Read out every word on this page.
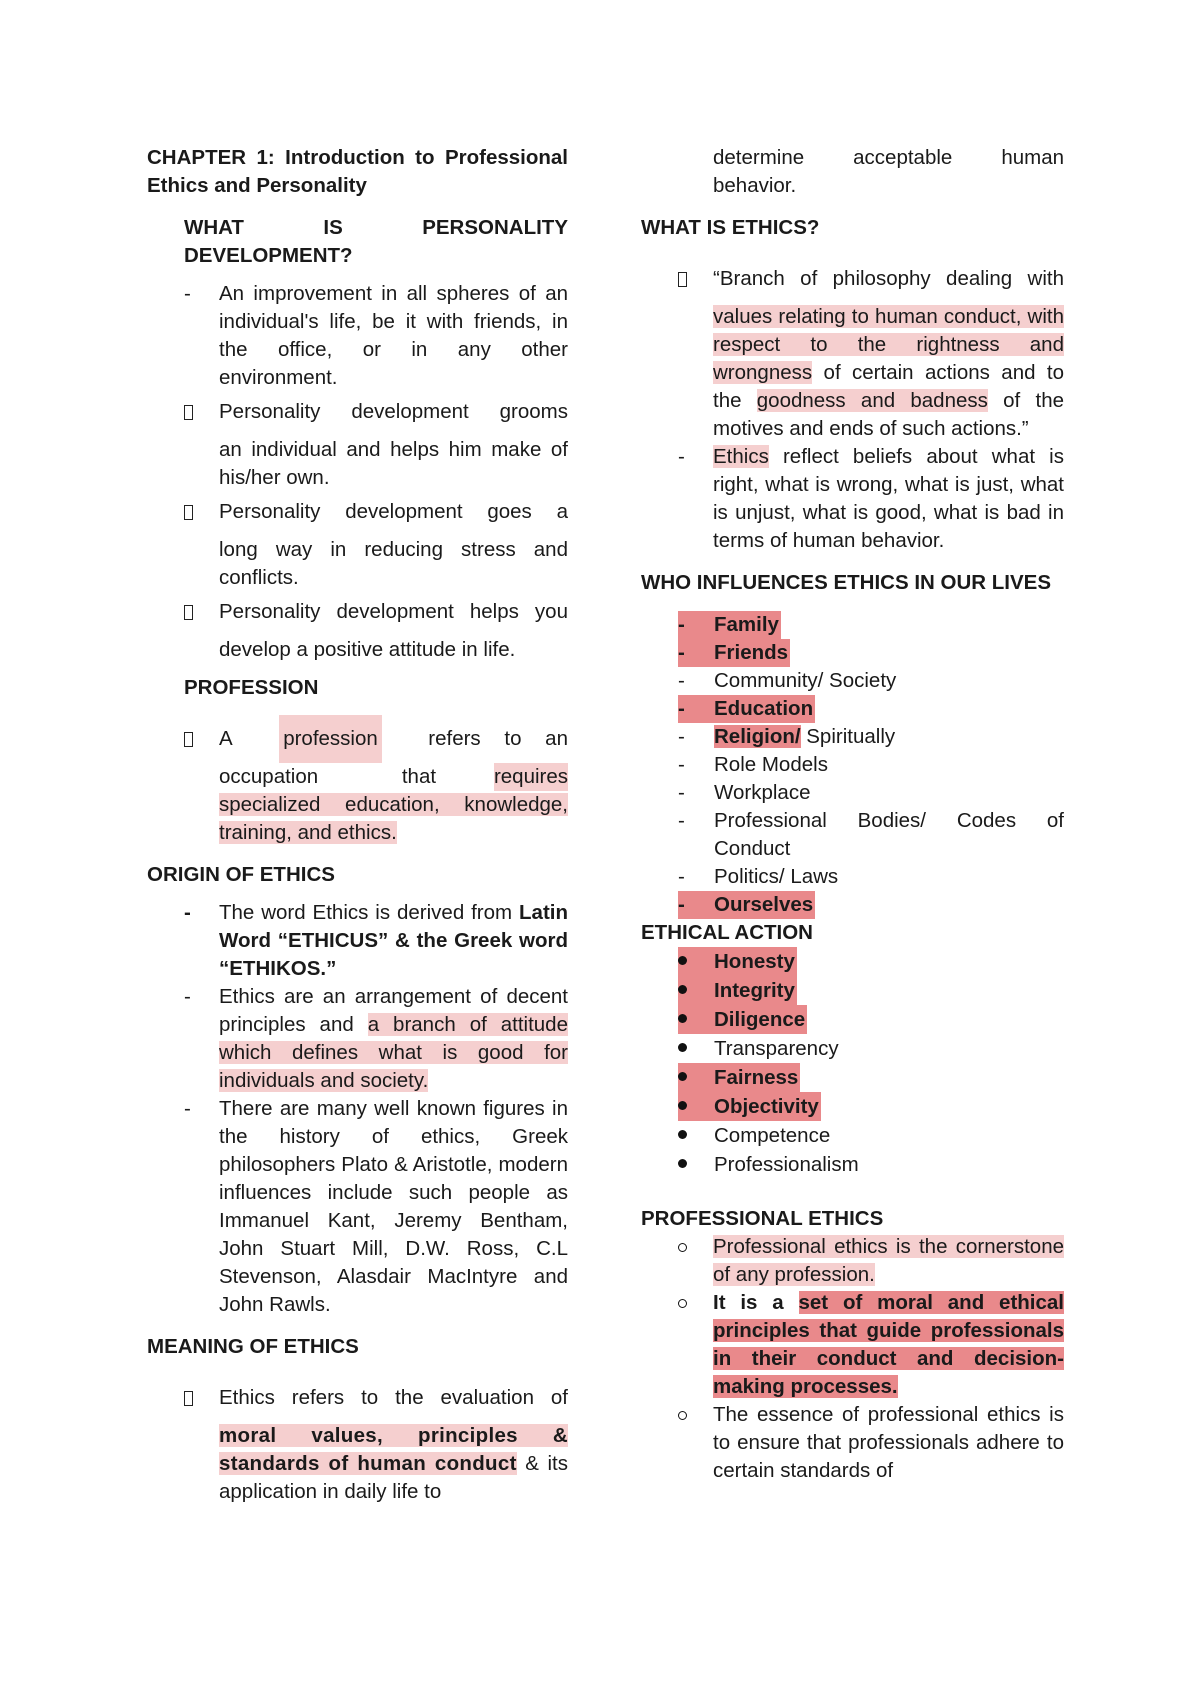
CHAPTER 1: Introduction to Professional Ethics and Personality
WHAT IS PERSONALITY DEVELOPMENT?
- An improvement in all spheres of an individual's life, be it with friends, in the office, or in any other environment.
Personality development grooms
an individual and helps him make of his/her own.
Personality development goes a
long way in reducing stress and conflicts.
Personality development helps you
develop a positive attitude in life.
PROFESSION
A profession refers to an
occupation that	requires
specialized education, knowledge, training, and ethics.
ORIGIN OF ETHICS
- The word Ethics is derived from Latin Word “ETHICUS” & the Greek word “ETHIKOS.”
- Ethics are an arrangement of decent principles and a branch of attitude which defines what is good for individuals and society.
- There are many well known figures in the history of ethics, Greek philosophers Plato & Aristotle, modern influences include such people as Immanuel Kant, Jeremy Bentham, John Stuart Mill, D.W. Ross, C.L Stevenson, Alasdair MacIntyre and John Rawls.
MEANING OF ETHICS
Ethics refers to the evaluation of
moral values, principles & standards of human conduct & its application in daily life to
determine acceptable human behavior.
WHAT IS ETHICS?
“Branch of philosophy dealing with
values relating to human conduct, with respect to the rightness and wrongness of certain actions and to the goodness and badness of the motives and ends of such actions.”
- Ethics reflect beliefs about what is right, what is wrong, what is just, what is unjust, what is good, what is bad in terms of human behavior.
WHO INFLUENCES ETHICS IN OUR LIVES
- Family
- Friends
- Community/ Society
- Education
- Religion/ Spiritually
- Role Models
- Workplace
- Professional Bodies/ Codes of Conduct
- Politics/ Laws
- Ourselves
ETHICAL ACTION
Honesty
Integrity
Diligence
Transparency
Fairness
Objectivity
Competence
Professionalism
PROFESSIONAL ETHICS
Professional ethics is the cornerstone of any profession.
It is a set of moral and ethical principles that guide professionals in their conduct and decision-making processes.
The essence of professional ethics is to ensure that professionals adhere to certain standards of
